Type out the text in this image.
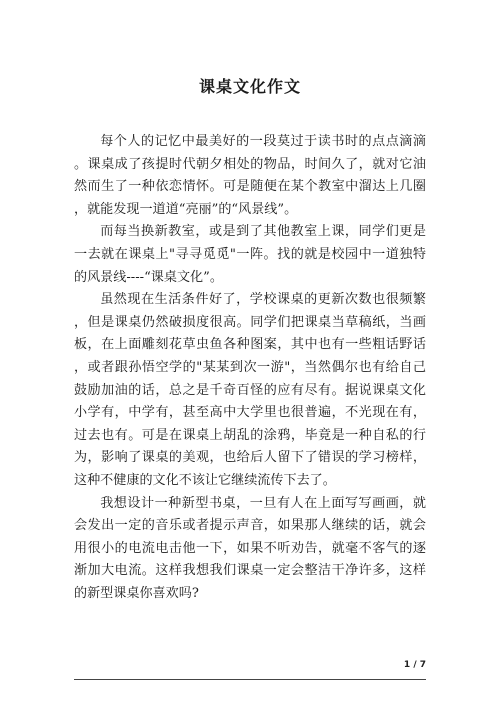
课桌文化作文

每个人的记忆中最美好的一段莫过于读书时的点点滴滴。课桌成了孩提时代朝夕相处的物品，时间久了，就对它油然而生了一种依恋情怀。可是随便在某个教室中溜达上几圈，就能发现一道道“亮丽”的“风景线”。

而每当换新教室，或是到了其他教室上课，同学们更是一去就在课桌上"寻寻觅觅"一阵。找的就是校园中一道独特的风景线----“课桌文化”。

虽然现在生活条件好了，学校课桌的更新次数也很频繁，但是课桌仍然破损度很高。同学们把课桌当草稿纸，当画板，在上面雕刻花草虫鱼各种图案，其中也有一些粗话野话，或者跟孙悟空学的"某某到次一游"，当然偶尔也有给自己鼓励加油的话，总之是千奇百怪的应有尽有。据说课桌文化小学有，中学有，甚至高中大学里也很普遍，不光现在有，过去也有。可是在课桌上胡乱的涂鸦，毕竟是一种自私的行为，影响了课桌的美观，也给后人留下了错误的学习榜样，这种不健康的文化不该让它继续流传下去了。

我想设计一种新型书桌，一旦有人在上面写写画画，就会发出一定的音乐或者提示声音，如果那人继续的话，就会用很小的电流电击他一下，如果不听劝告，就毫不客气的逐渐加大电流。这样我想我们课桌一定会整洁干净许多，这样的新型课桌你喜欢吗?

1 / 7
